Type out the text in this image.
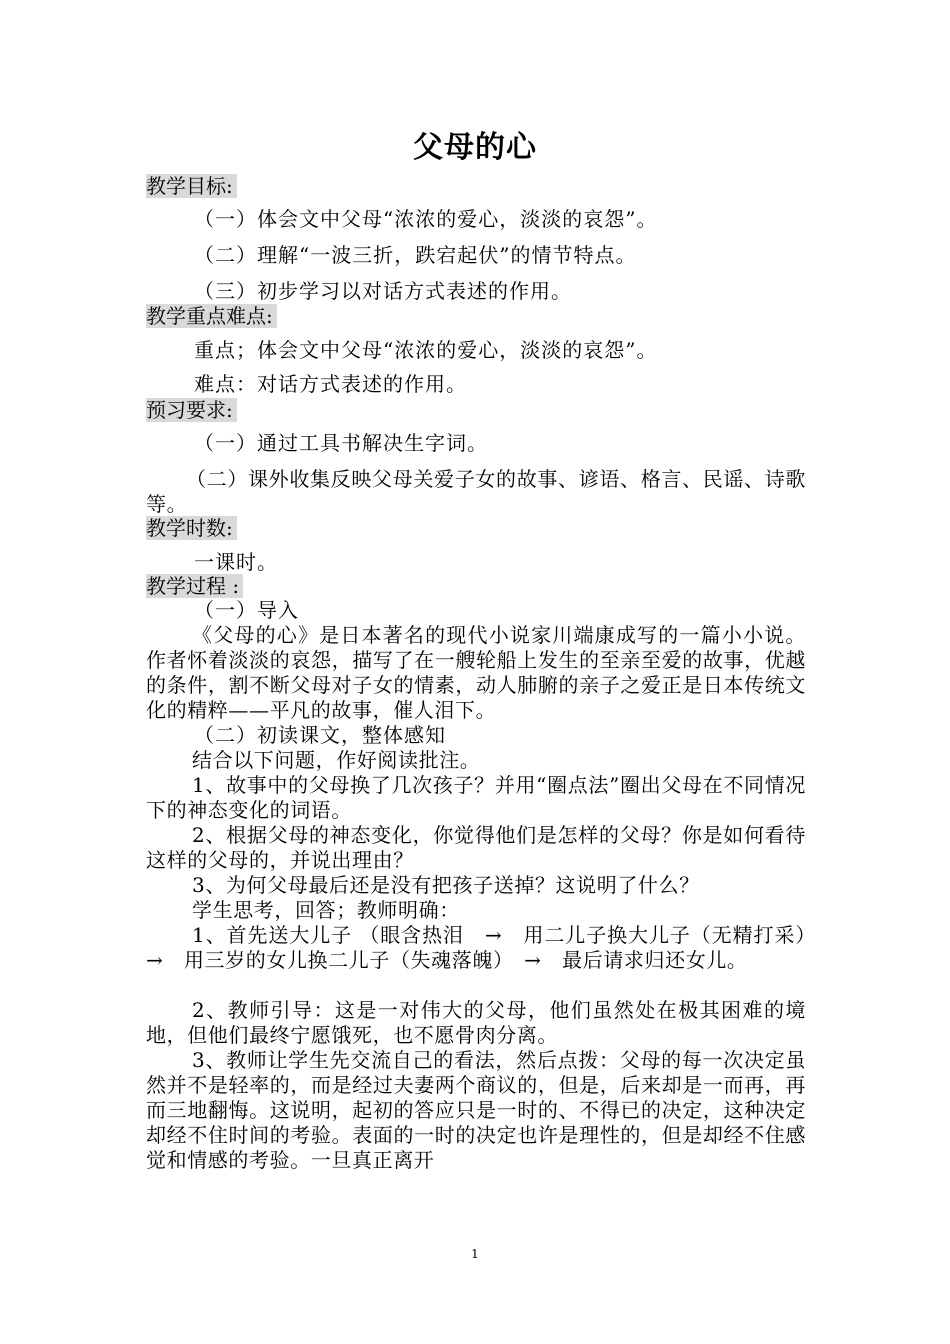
父母的心
教学目标:
（一）体会文中父母“浓浓的爱心，淡淡的哀怨”。
（二）理解“一波三折，跌宕起伏”的情节特点。
（三）初步学习以对话方式表述的作用。
教学重点难点:
重点；体会文中父母“浓浓的爱心，淡淡的哀怨”。
难点：对话方式表述的作用。
预习要求:
（一）通过工具书解决生字词。
（二）课外收集反映父母关爱子女的故事、谚语、格言、民谣、诗歌等。
教学时数:
一课时。
教学过程 :
（一）导入
《父母的心》是日本著名的现代小说家川端康成写的一篇小小说。作者怀着淡淡的哀怨，描写了在一艘轮船上发生的至亲至爱的故事，优越的条件，割不断父母对子女的情素，动人肺腑的亲子之爱正是日本传统文化的精粹——平凡的故事，催人泪下。
（二）初读课文，整体感知
结合以下问题，作好阅读批注。
1、故事中的父母换了几次孩子？并用“圈点法”圈出父母在不同情况下的神态变化的词语。
2、根据父母的神态变化，你觉得他们是怎样的父母？你是如何看待这样的父母的，并说出理由？
3、为何父母最后还是没有把孩子送掉？这说明了什么？
学生思考，回答；教师明确：
1、首先送大儿子 （眼含热泪　→　用二儿子换大儿子（无精打采）　→　用三岁的女儿换二儿子（失魂落魄）　→　最后请求归还女儿。
2、教师引导：这是一对伟大的父母，他们虽然处在极其困难的境地，但他们最终宁愿饿死，也不愿骨肉分离。
3、教师让学生先交流自己的看法，然后点拨：父母的每一次决定虽然并不是轻率的，而是经过夫妻两个商议的，但是，后来却是一而再，再而三地翻悔。这说明，起初的答应只是一时的、不得已的决定，这种决定却经不住时间的考验。表面的一时的决定也许是理性的，但是却经不住感觉和情感的考验。一旦真正离开
1
